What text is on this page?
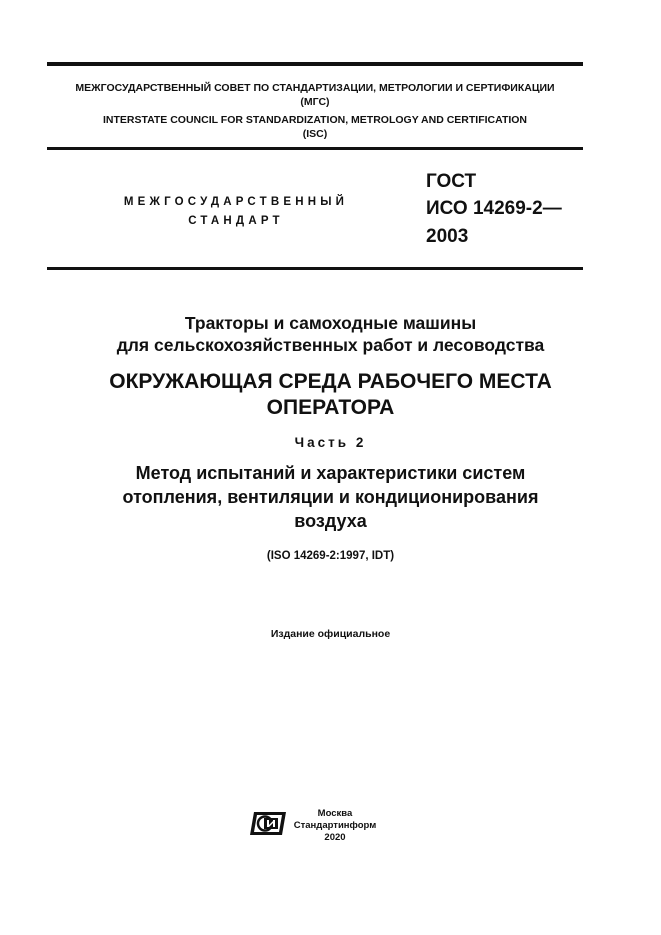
МЕЖГОСУДАРСТВЕННЫЙ СОВЕТ ПО СТАНДАРТИЗАЦИИ, МЕТРОЛОГИИ И СЕРТИФИКАЦИИ
(МГС)
INTERSTATE COUNCIL FOR STANDARDIZATION, METROLOGY AND CERTIFICATION
(ISC)
МЕЖГОСУДАРСТВЕННЫЙ
СТАНДАРТ
ГОСТ
ИСО 14269-2—
2003
Тракторы и самоходные машины
для сельскохозяйственных работ и лесоводства
ОКРУЖАЮЩАЯ СРЕДА РАБОЧЕГО МЕСТА
ОПЕРАТОРА
Часть 2
Метод испытаний и характеристики систем
отопления, вентиляции и кондиционирования
воздуха
(ISO 14269-2:1997, IDT)
Издание официальное
Москва
Стандартинформ
2020
